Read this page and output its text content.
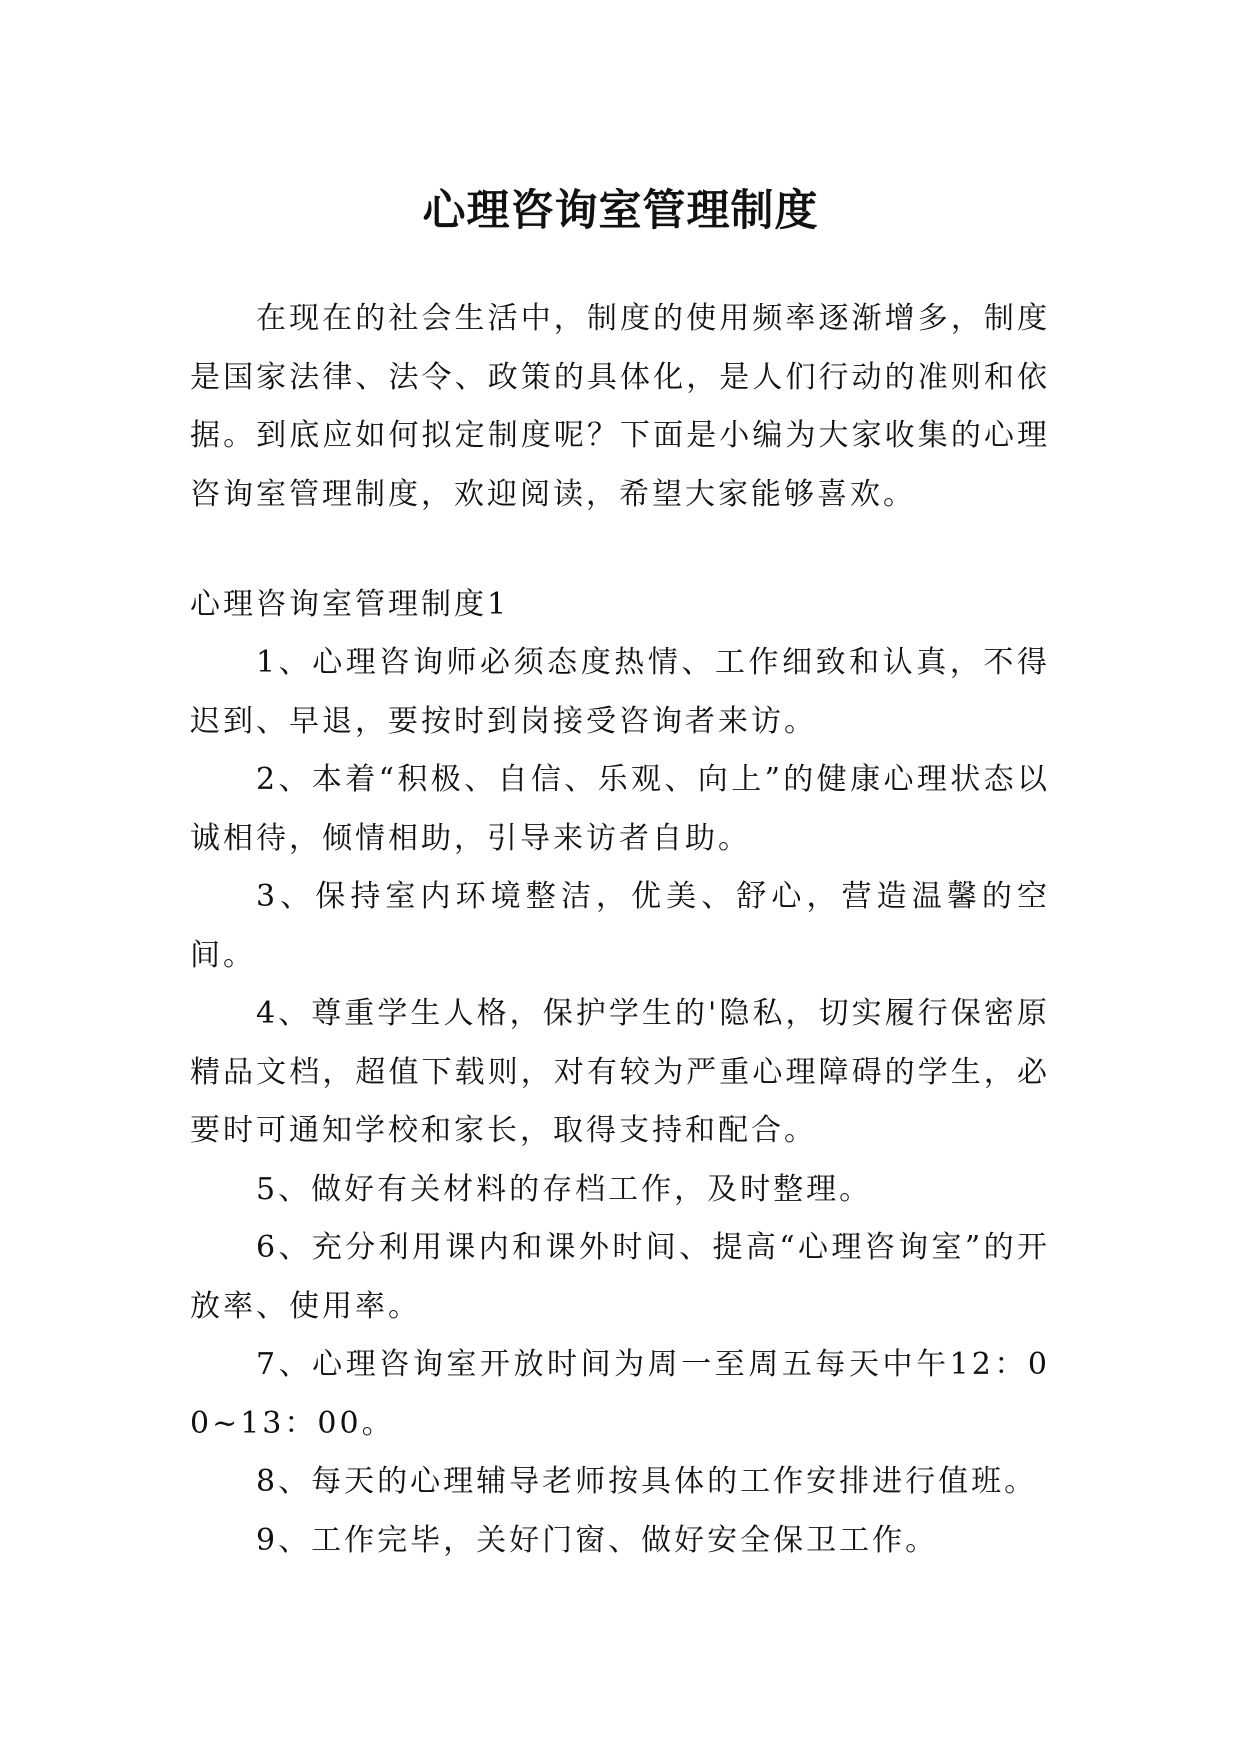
心理咨询室管理制度

在现在的社会生活中，制度的使用频率逐渐增多，制度是国家法律、法令、政策的具体化，是人们行动的准则和依据。到底应如何拟定制度呢？下面是小编为大家收集的心理咨询室管理制度，欢迎阅读，希望大家能够喜欢。

心理咨询室管理制度1

1、心理咨询师必须态度热情、工作细致和认真，不得迟到、早退，要按时到岗接受咨询者来访。

2、本着“积极、自信、乐观、向上”的健康心理状态以诚相待，倾情相助，引导来访者自助。

3、保持室内环境整洁，优美、舒心，营造温馨的空间。

4、尊重学生人格，保护学生的'隐私，切实履行保密原精品文档，超值下载则，对有较为严重心理障碍的学生，必要时可通知学校和家长，取得支持和配合。

5、做好有关材料的存档工作，及时整理。

6、充分利用课内和课外时间、提高“心理咨询室”的开放率、使用率。

7、心理咨询室开放时间为周一至周五每天中午12：00~13：00。

8、每天的心理辅导老师按具体的工作安排进行值班。

9、工作完毕，关好门窗、做好安全保卫工作。
